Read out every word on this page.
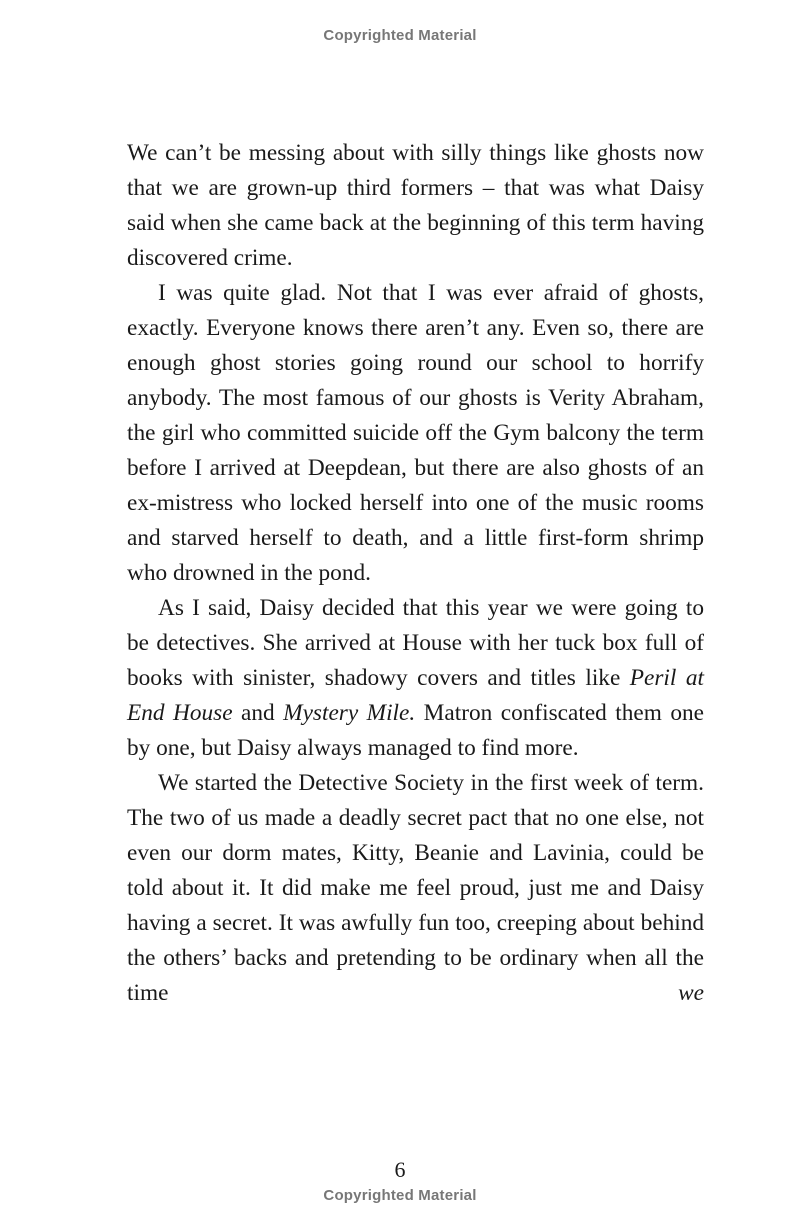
Copyrighted Material

We can’t be messing about with silly things like ghosts now that we are grown-up third formers – that was what Daisy said when she came back at the beginning of this term having discovered crime.

I was quite glad. Not that I was ever afraid of ghosts, exactly. Everyone knows there aren’t any. Even so, there are enough ghost stories going round our school to horrify anybody. The most famous of our ghosts is Verity Abraham, the girl who committed suicide off the Gym balcony the term before I arrived at Deepdean, but there are also ghosts of an ex-mistress who locked herself into one of the music rooms and starved herself to death, and a little first-form shrimp who drowned in the pond.

As I said, Daisy decided that this year we were going to be detectives. She arrived at House with her tuck box full of books with sinister, shadowy covers and titles like Peril at End House and Mystery Mile. Matron confiscated them one by one, but Daisy always managed to find more.

We started the Detective Society in the first week of term. The two of us made a deadly secret pact that no one else, not even our dorm mates, Kitty, Beanie and Lavinia, could be told about it. It did make me feel proud, just me and Daisy having a secret. It was awfully fun too, creeping about behind the others’ backs and pretending to be ordinary when all the time we

6
Copyrighted Material
